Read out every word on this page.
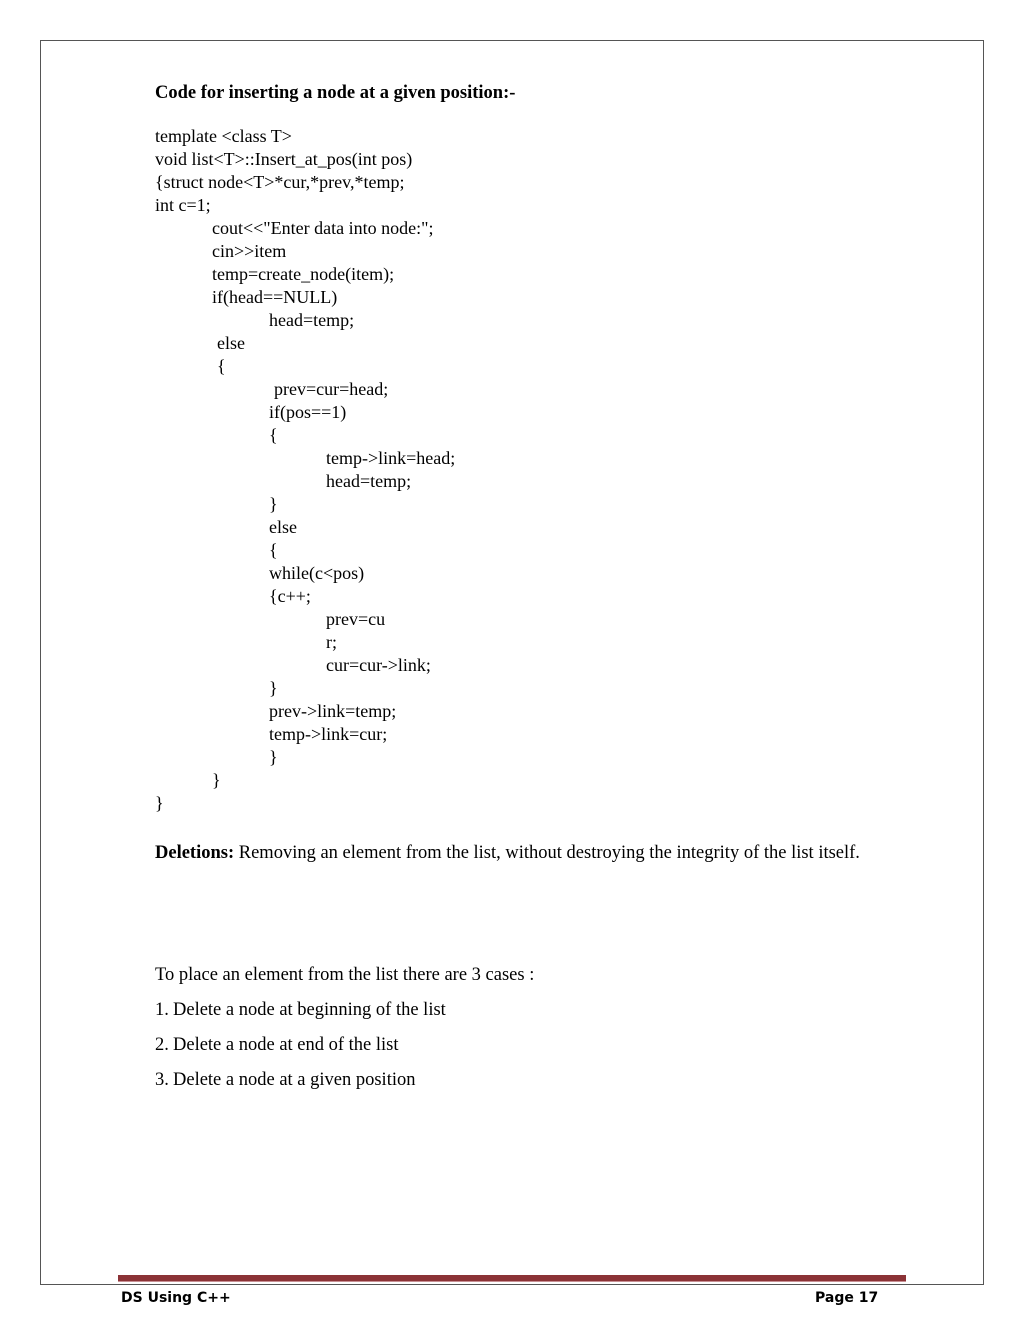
Code for inserting a node at a given position:-
template <class T>
void list<T>::Insert_at_pos(int pos)
{struct node<T>*cur,*prev,*temp;
int c=1;
cout<<"Enter data into node:";
cin>>item
temp=create_node(item);
if(head==NULL)
head=temp;
else
{
prev=cur=head;
if(pos==1)
{
temp->link=head;
head=temp;
}
else
{
while(c<pos)
{c++;
prev=cu
r;
cur=cur->link;
}
prev->link=temp;
temp->link=cur;
}
}
}

Deletions: Removing an element from the list, without destroying the integrity of the list itself.

To place an element from the list there are 3 cases :
1. Delete a node at beginning of the list
2. Delete a node at end of the list
3. Delete a node at a given position
DS Using C++	Page 17
